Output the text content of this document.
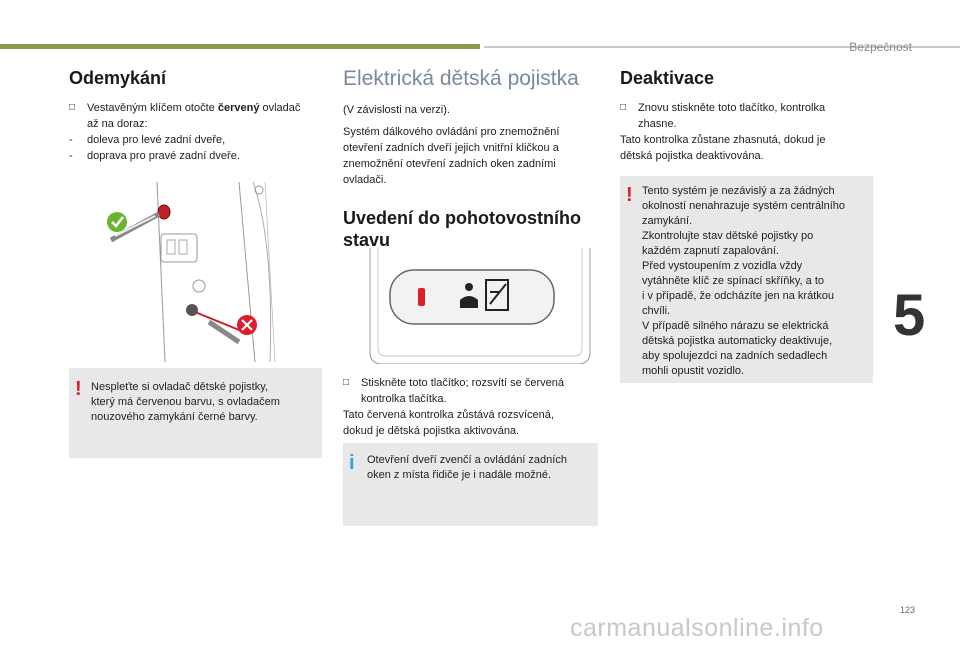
Bezpečnost
5
123
carmanualsonline.info
Odemykání
□ Vestavěným klíčem otočte červený ovladač
až na doraz:
- doleva pro levé zadní dveře,
- doprava pro pravé zadní dveře.
! Nespleťte si ovladač dětské pojistky,
který má červenou barvu, s ovladačem
nouzového zamykání černé barvy.
Elektrická dětská pojistka
(V závislosti na verzi).
Systém dálkového ovládání pro znemožnění
otevření zadních dveří jejich vnitřní kličkou a
znemožnění otevření zadních oken zadními
ovladači.
Uvedení do pohotovostního
stavu
□ Stiskněte toto tlačítko; rozsvítí se červená
kontrolka tlačítka.
Tato červená kontrolka zůstává rozsvícená,
dokud je dětská pojistka aktivována.
i Otevření dveří zvenčí a ovládání zadních
oken z místa řidiče je i nadále možné.
Deaktivace
□ Znovu stiskněte toto tlačítko, kontrolka
zhasne.
Tato kontrolka zůstane zhasnutá, dokud je
dětská pojistka deaktivována.
! Tento systém je nezávislý a za žádných
okolností nenahrazuje systém centrálního
zamykání.
Zkontrolujte stav dětské pojistky po
každém zapnutí zapalování.
Před vystoupením z vozidla vždy
vytáhněte klíč ze spínací skříňky, a to
i v případě, že odcházíte jen na krátkou
chvíli.
V případě silného nárazu se elektrická
dětská pojistka automaticky deaktivuje,
aby spolujezdci na zadních sedadlech
mohli opustit vozidlo.
